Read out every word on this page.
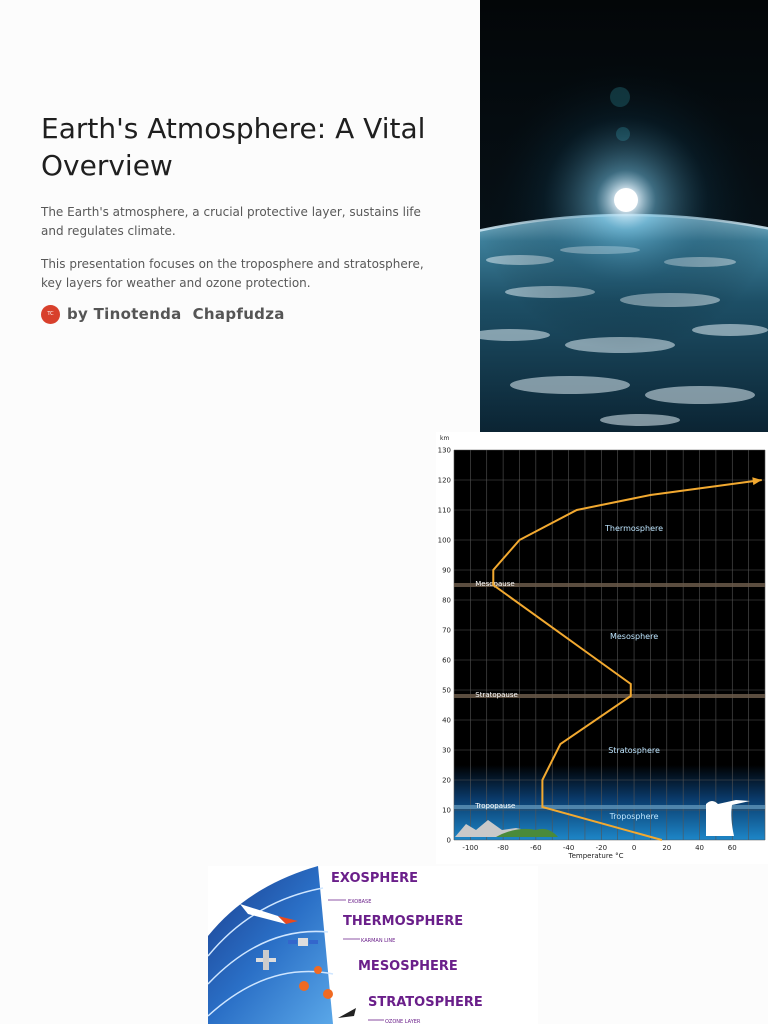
Earth's Atmosphere: A Vital Overview

The Earth's atmosphere, a crucial protective layer, sustains life and regulates climate.

This presentation focuses on the troposphere and stratosphere, key layers for weather and ozone protection.

TC by Tinotenda  Chapfudza
0
10
20
30
40
50
60
70
80
90
100
110
120
130
-100	-80	-60	-40	-20	0	20	40	60
Mesopause
Stratopause
Tropopause
Thermosphere
Mesosphere
Stratosphere
Troposphere
km
Temperature °C
EXOSPHERE
EXOBASE
THERMOSPHERE
KARMAN LINE
MESOSPHERE
STRATOSPHERE
OZONE LAYER
